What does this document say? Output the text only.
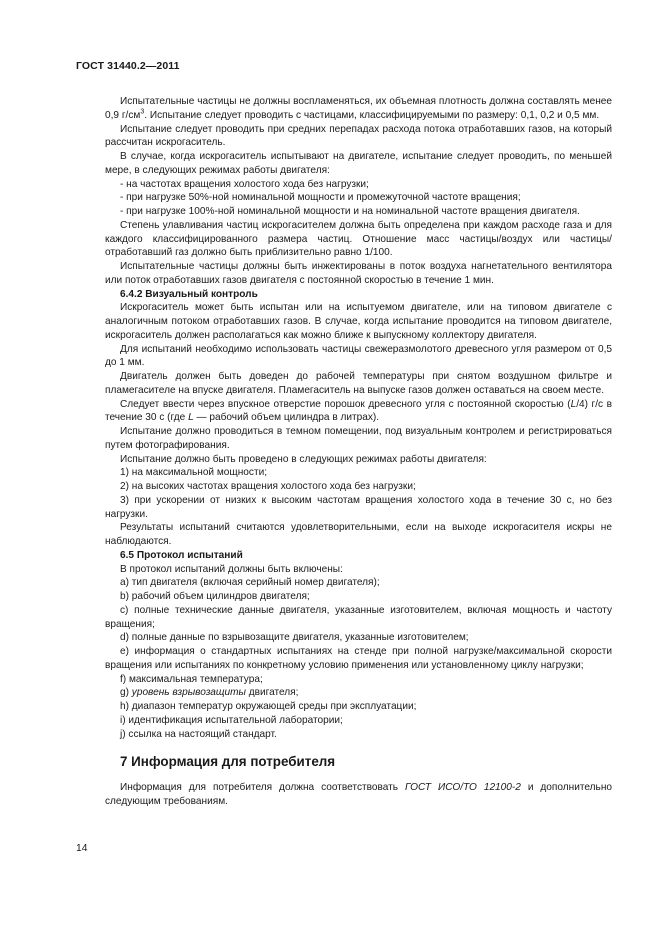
ГОСТ 31440.2—2011

Испытательные частицы не должны воспламеняться, их объемная плотность должна составлять менее 0,9 $г/см^3$. Испытание следует проводить с частицами, классифицируемыми по размеру: 0,1, 0,2 и 0,5 мм.

Испытание следует проводить при средних перепадах расхода потока отработавших газов, на который рассчитан искрогаситель.

В случае, когда искрогаситель испытывают на двигателе, испытание следует проводить, по меньшей мере, в следующих режимах работы двигателя:

- на частотах вращения холостого хода без нагрузки;

- при нагрузке 50%-ной номинальной мощности и промежуточной частоте вращения;

- при нагрузке 100%-ной номинальной мощности и на номинальной частоте вращения двигателя.

Степень улавливания частиц искрогасителем должна быть определена при каждом расходе газа и для каждого классифицированного размера частиц. Отношение масс частицы/воздух или частицы/отработавший газ должно быть приблизительно равно 1/100.

Испытательные частицы должны быть инжектированы в поток воздуха нагнетательного вентилятора или поток отработавших газов двигателя с постоянной скоростью в течение 1 мин.

6.4.2 Визуальный контроль

Искрогаситель может быть испытан или на испытуемом двигателе, или на типовом двигателе с аналогичным потоком отработавших газов. В случае, когда испытание проводится на типовом двигателе, искрогаситель должен располагаться как можно ближе к выпускному коллектору двигателя.

Для испытаний необходимо использовать частицы свежеразмолотого древесного угля размером от 0,5 до 1 мм.

Двигатель должен быть доведен до рабочей температуры при снятом воздушном фильтре и пламегасителе на впуске двигателя. Пламегаситель на выпуске газов должен оставаться на своем месте.

Следует ввести через впускное отверстие порошок древесного угля с постоянной скоростью (L/4) г/с в течение 30 с (где L — рабочий объем цилиндра в литрах).

Испытание должно проводиться в темном помещении, под визуальным контролем и регистрироваться путем фотографирования.

Испытание должно быть проведено в следующих режимах работы двигателя:

1) на максимальной мощности;

2) на высоких частотах вращения холостого хода без нагрузки;

3) при ускорении от низких к высоким частотам вращения холостого хода в течение 30 с, но без нагрузки.

Результаты испытаний считаются удовлетворительными, если на выходе искрогасителя искры не наблюдаются.

6.5 Протокол испытаний

В протокол испытаний должны быть включены:

a) тип двигателя (включая серийный номер двигателя);

b) рабочий объем цилиндров двигателя;

c) полные технические данные двигателя, указанные изготовителем, включая мощность и частоту вращения;

d) полные данные по взрывозащите двигателя, указанные изготовителем;

e) информация о стандартных испытаниях на стенде при полной нагрузке/максимальной скорости вращения или испытаниях по конкретному условию применения или установленному циклу нагрузки;

f) максимальная температура;

g) уровень взрывозащиты двигателя;

h) диапазон температур окружающей среды при эксплуатации;

i) идентификация испытательной лаборатории;

j) ссылка на настоящий стандарт.

7 Информация для потребителя

Информация для потребителя должна соответствовать ГОСТ ИСО/ТО 12100-2 и дополнительно следующим требованиям.

14
